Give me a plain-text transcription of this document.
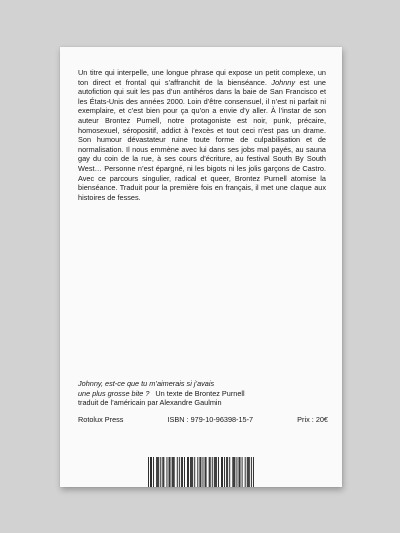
Un titre qui interpelle, une longue phrase qui expose un petit complexe, un ton direct et frontal qui s’affranchit de la bienséance. Johnny est une autofiction qui suit les pas d’un antihéros dans la baie de San Francisco et les États-Unis des années 2000. Loin d’être consensuel, il n’est ni parfait ni exemplaire, et c’est bien pour ça qu’on a envie d’y aller. À l’instar de son auteur Brontez Purnell, notre protagoniste est noir, punk, précaire, homosexuel, séropositif, addict à l’excès et tout ceci n’est pas un drame. Son humour dévastateur ruine toute forme de culpabilisation et de normalisation. Il nous emmène avec lui dans ses jobs mal payés, au sauna gay du coin de la rue, à ses cours d’écriture, au festival South By South West… Personne n’est épargné, ni les bigots ni les jolis garçons de Castro. Avec ce parcours singulier, radical et queer, Brontez Purnell atomise la bienséance. Traduit pour la première fois en français, il met une claque aux histoires de fesses.

Johnny, est-ce que tu m’aimerais si j’avais
une plus grosse bite ? Un texte de Brontez Purnell
traduit de l’américain par Alexandre Gaulmin
Rotolux Press	ISBN : 979-10-96398-15-7	Prix : 20€
